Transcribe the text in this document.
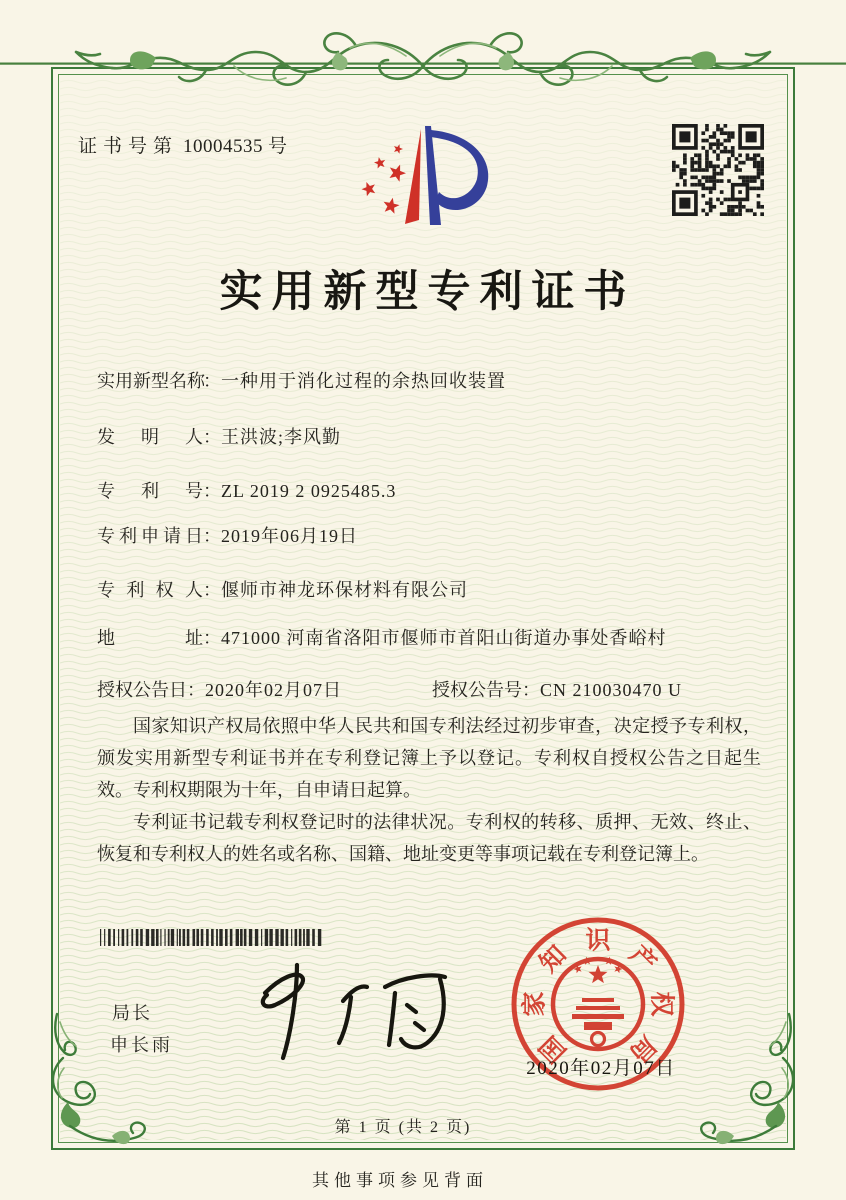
证书号第 10004535 号
实用新型专利证书
实用新型名称：一种用于消化过程的余热回收装置
发明人：王洪波;李风勤
专利号：ZL 2019 2 0925485.3
专利申请日：2019年06月19日
专利权人：偃师市神龙环保材料有限公司
地址：471000 河南省洛阳市偃师市首阳山街道办事处香峪村
授权公告日：2020年02月07日	授权公告号：CN 210030470 U

国家知识产权局依照中华人民共和国专利法经过初步审查，决定授予专利权，颁发实用新型专利证书并在专利登记簿上予以登记。专利权自授权公告之日起生效。专利权期限为十年，自申请日起算。

专利证书记载专利权登记时的法律状况。专利权的转移、质押、无效、终止、恢复和专利权人的姓名或名称、国籍、地址变更等事项记载在专利登记簿上。

局长
申长雨	国
家
知
识
产
权
局
2020年02月07日
第 1 页 (共 2 页)
其他事项参见背面
